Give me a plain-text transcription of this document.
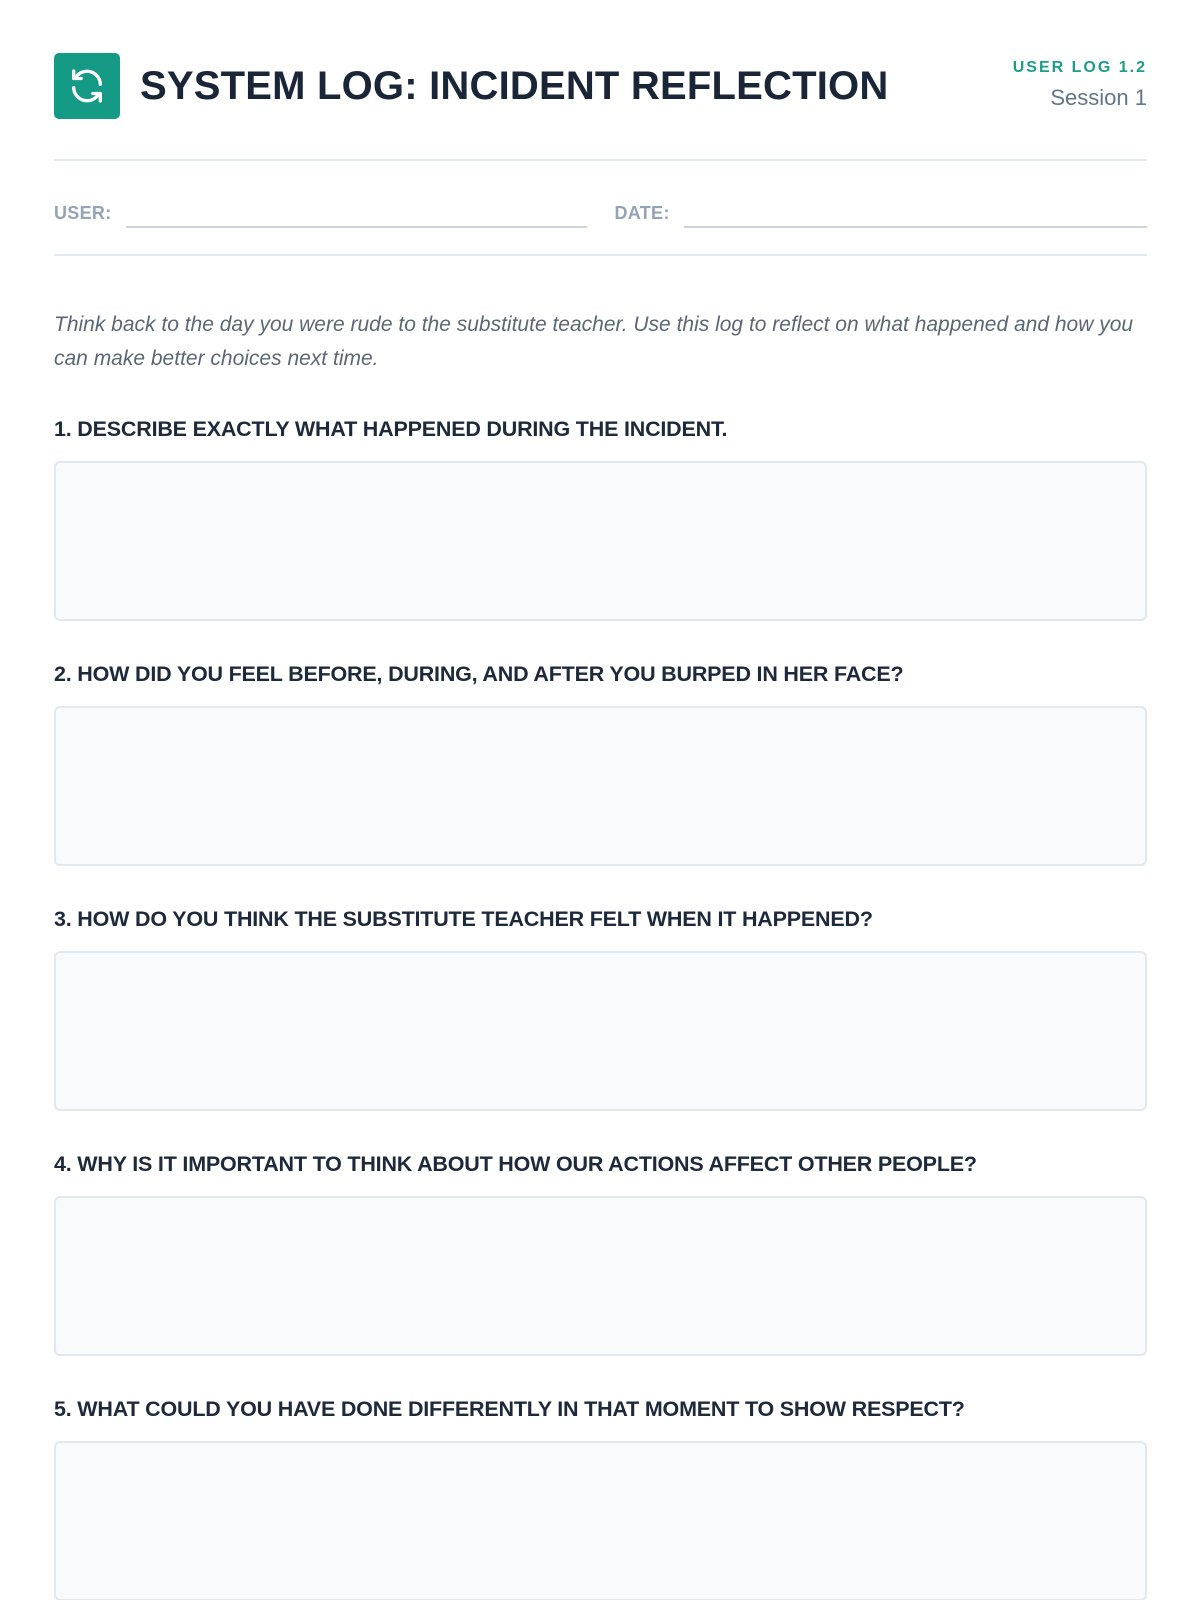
SYSTEM LOG: INCIDENT REFLECTION	USER LOG 1.2
Session 1
USER:	DATE:

Think back to the day you were rude to the substitute teacher. Use this log to reflect on what happened and how you can make better choices next time.

1. DESCRIBE EXACTLY WHAT HAPPENED DURING THE INCIDENT.
2. HOW DID YOU FEEL BEFORE, DURING, AND AFTER YOU BURPED IN HER FACE?
3. HOW DO YOU THINK THE SUBSTITUTE TEACHER FELT WHEN IT HAPPENED?
4. WHY IS IT IMPORTANT TO THINK ABOUT HOW OUR ACTIONS AFFECT OTHER PEOPLE?
5. WHAT COULD YOU HAVE DONE DIFFERENTLY IN THAT MOMENT TO SHOW RESPECT?
